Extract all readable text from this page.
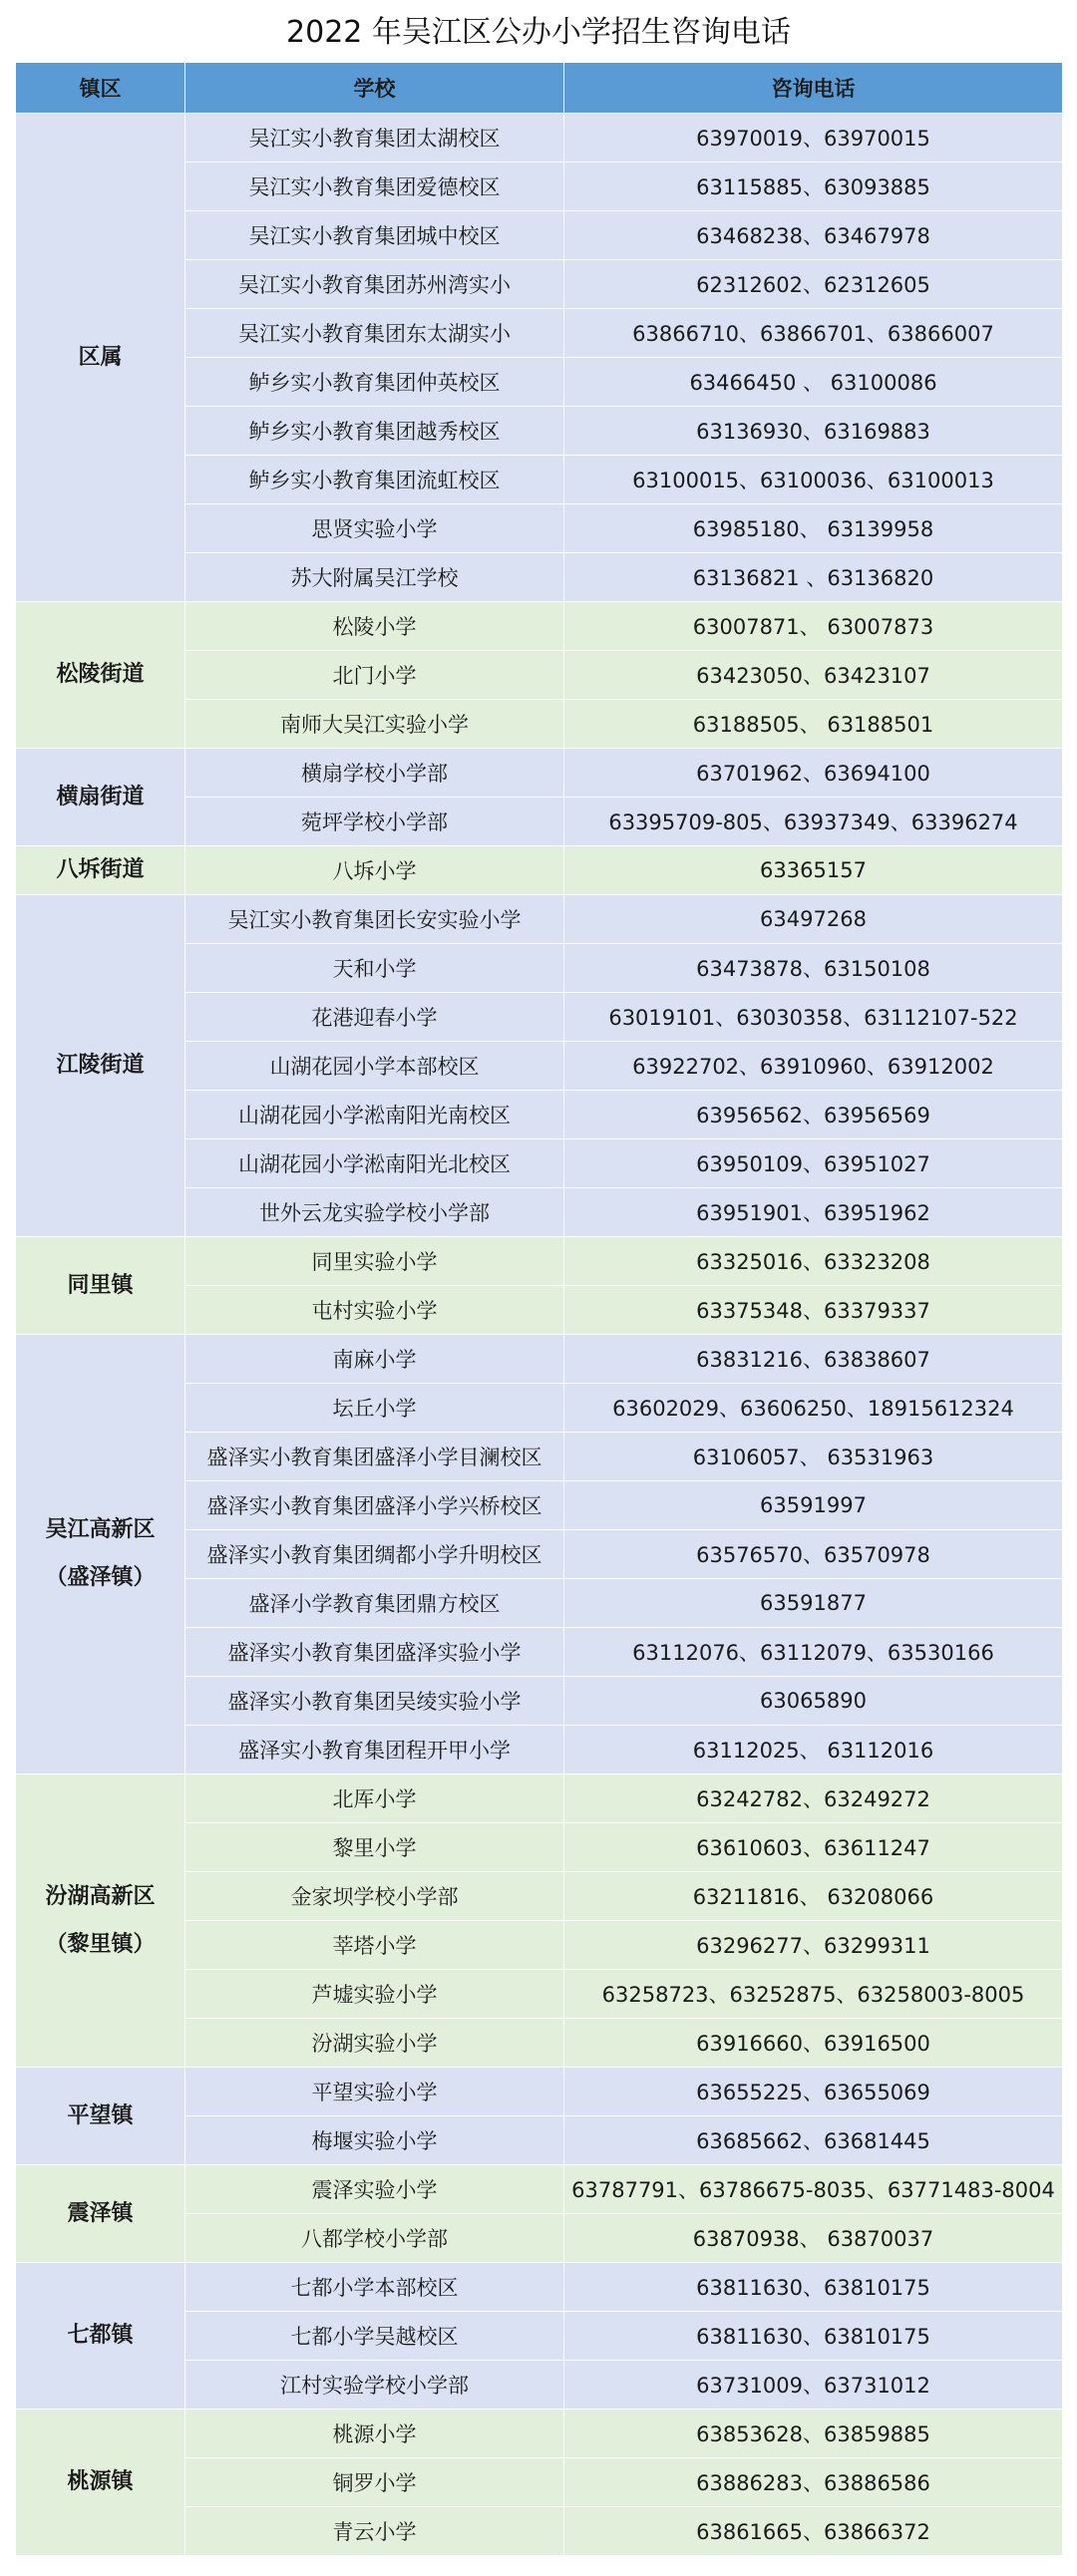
2022 年吴江区公办小学招生咨询电话
镇区	学校	咨询电话
区属	吴江实小教育集团太湖校区	63970019、63970015
	吴江实小教育集团爱德校区	63115885、63093885
	吴江实小教育集团城中校区	63468238、63467978
	吴江实小教育集团苏州湾实小	62312602、62312605
	吴江实小教育集团东太湖实小	63866710、63866701、63866007
	鲈乡实小教育集团仲英校区	63466450 、 63100086
	鲈乡实小教育集团越秀校区	63136930、63169883
	鲈乡实小教育集团流虹校区	63100015、63100036、63100013
	思贤实验小学	63985180、 63139958
	苏大附属吴江学校	63136821 、63136820
松陵街道	松陵小学	63007871、 63007873
	北门小学	63423050、63423107
	南师大吴江实验小学	63188505、 63188501
横扇街道	横扇学校小学部	63701962、63694100
	菀坪学校小学部	63395709-805、63937349、63396274
八坼街道	八坼小学	63365157
江陵街道	吴江实小教育集团长安实验小学	63497268
	天和小学	63473878、63150108
	花港迎春小学	63019101、63030358、63112107-522
	山湖花园小学本部校区	63922702、63910960、63912002
	山湖花园小学淞南阳光南校区	63956562、63956569
	山湖花园小学淞南阳光北校区	63950109、63951027
	世外云龙实验学校小学部	63951901、63951962
同里镇	同里实验小学	63325016、63323208
	屯村实验小学	63375348、63379337
吴江高新区
（盛泽镇）	南麻小学	63831216、63838607
	坛丘小学	63602029、63606250、18915612324
	盛泽实小教育集团盛泽小学目澜校区	63106057、 63531963
	盛泽实小教育集团盛泽小学兴桥校区	63591997
	盛泽实小教育集团绸都小学升明校区	63576570、63570978
	盛泽小学教育集团鼎方校区	63591877
	盛泽实小教育集团盛泽实验小学	63112076、63112079、63530166
	盛泽实小教育集团吴绫实验小学	63065890
	盛泽实小教育集团程开甲小学	63112025、 63112016
汾湖高新区
（黎里镇）	北厍小学	63242782、63249272
	黎里小学	63610603、63611247
	金家坝学校小学部	63211816、 63208066
	莘塔小学	63296277、63299311
	芦墟实验小学	63258723、63252875、63258003-8005
	汾湖实验小学	63916660、63916500
平望镇	平望实验小学	63655225、63655069
	梅堰实验小学	63685662、63681445
震泽镇	震泽实验小学	63787791、63786675-8035、63771483-8004
	八都学校小学部	63870938、 63870037
七都镇	七都小学本部校区	63811630、63810175
	七都小学吴越校区	63811630、63810175
	江村实验学校小学部	63731009、63731012
桃源镇	桃源小学	63853628、63859885
	铜罗小学	63886283、63886586
	青云小学	63861665、63866372
